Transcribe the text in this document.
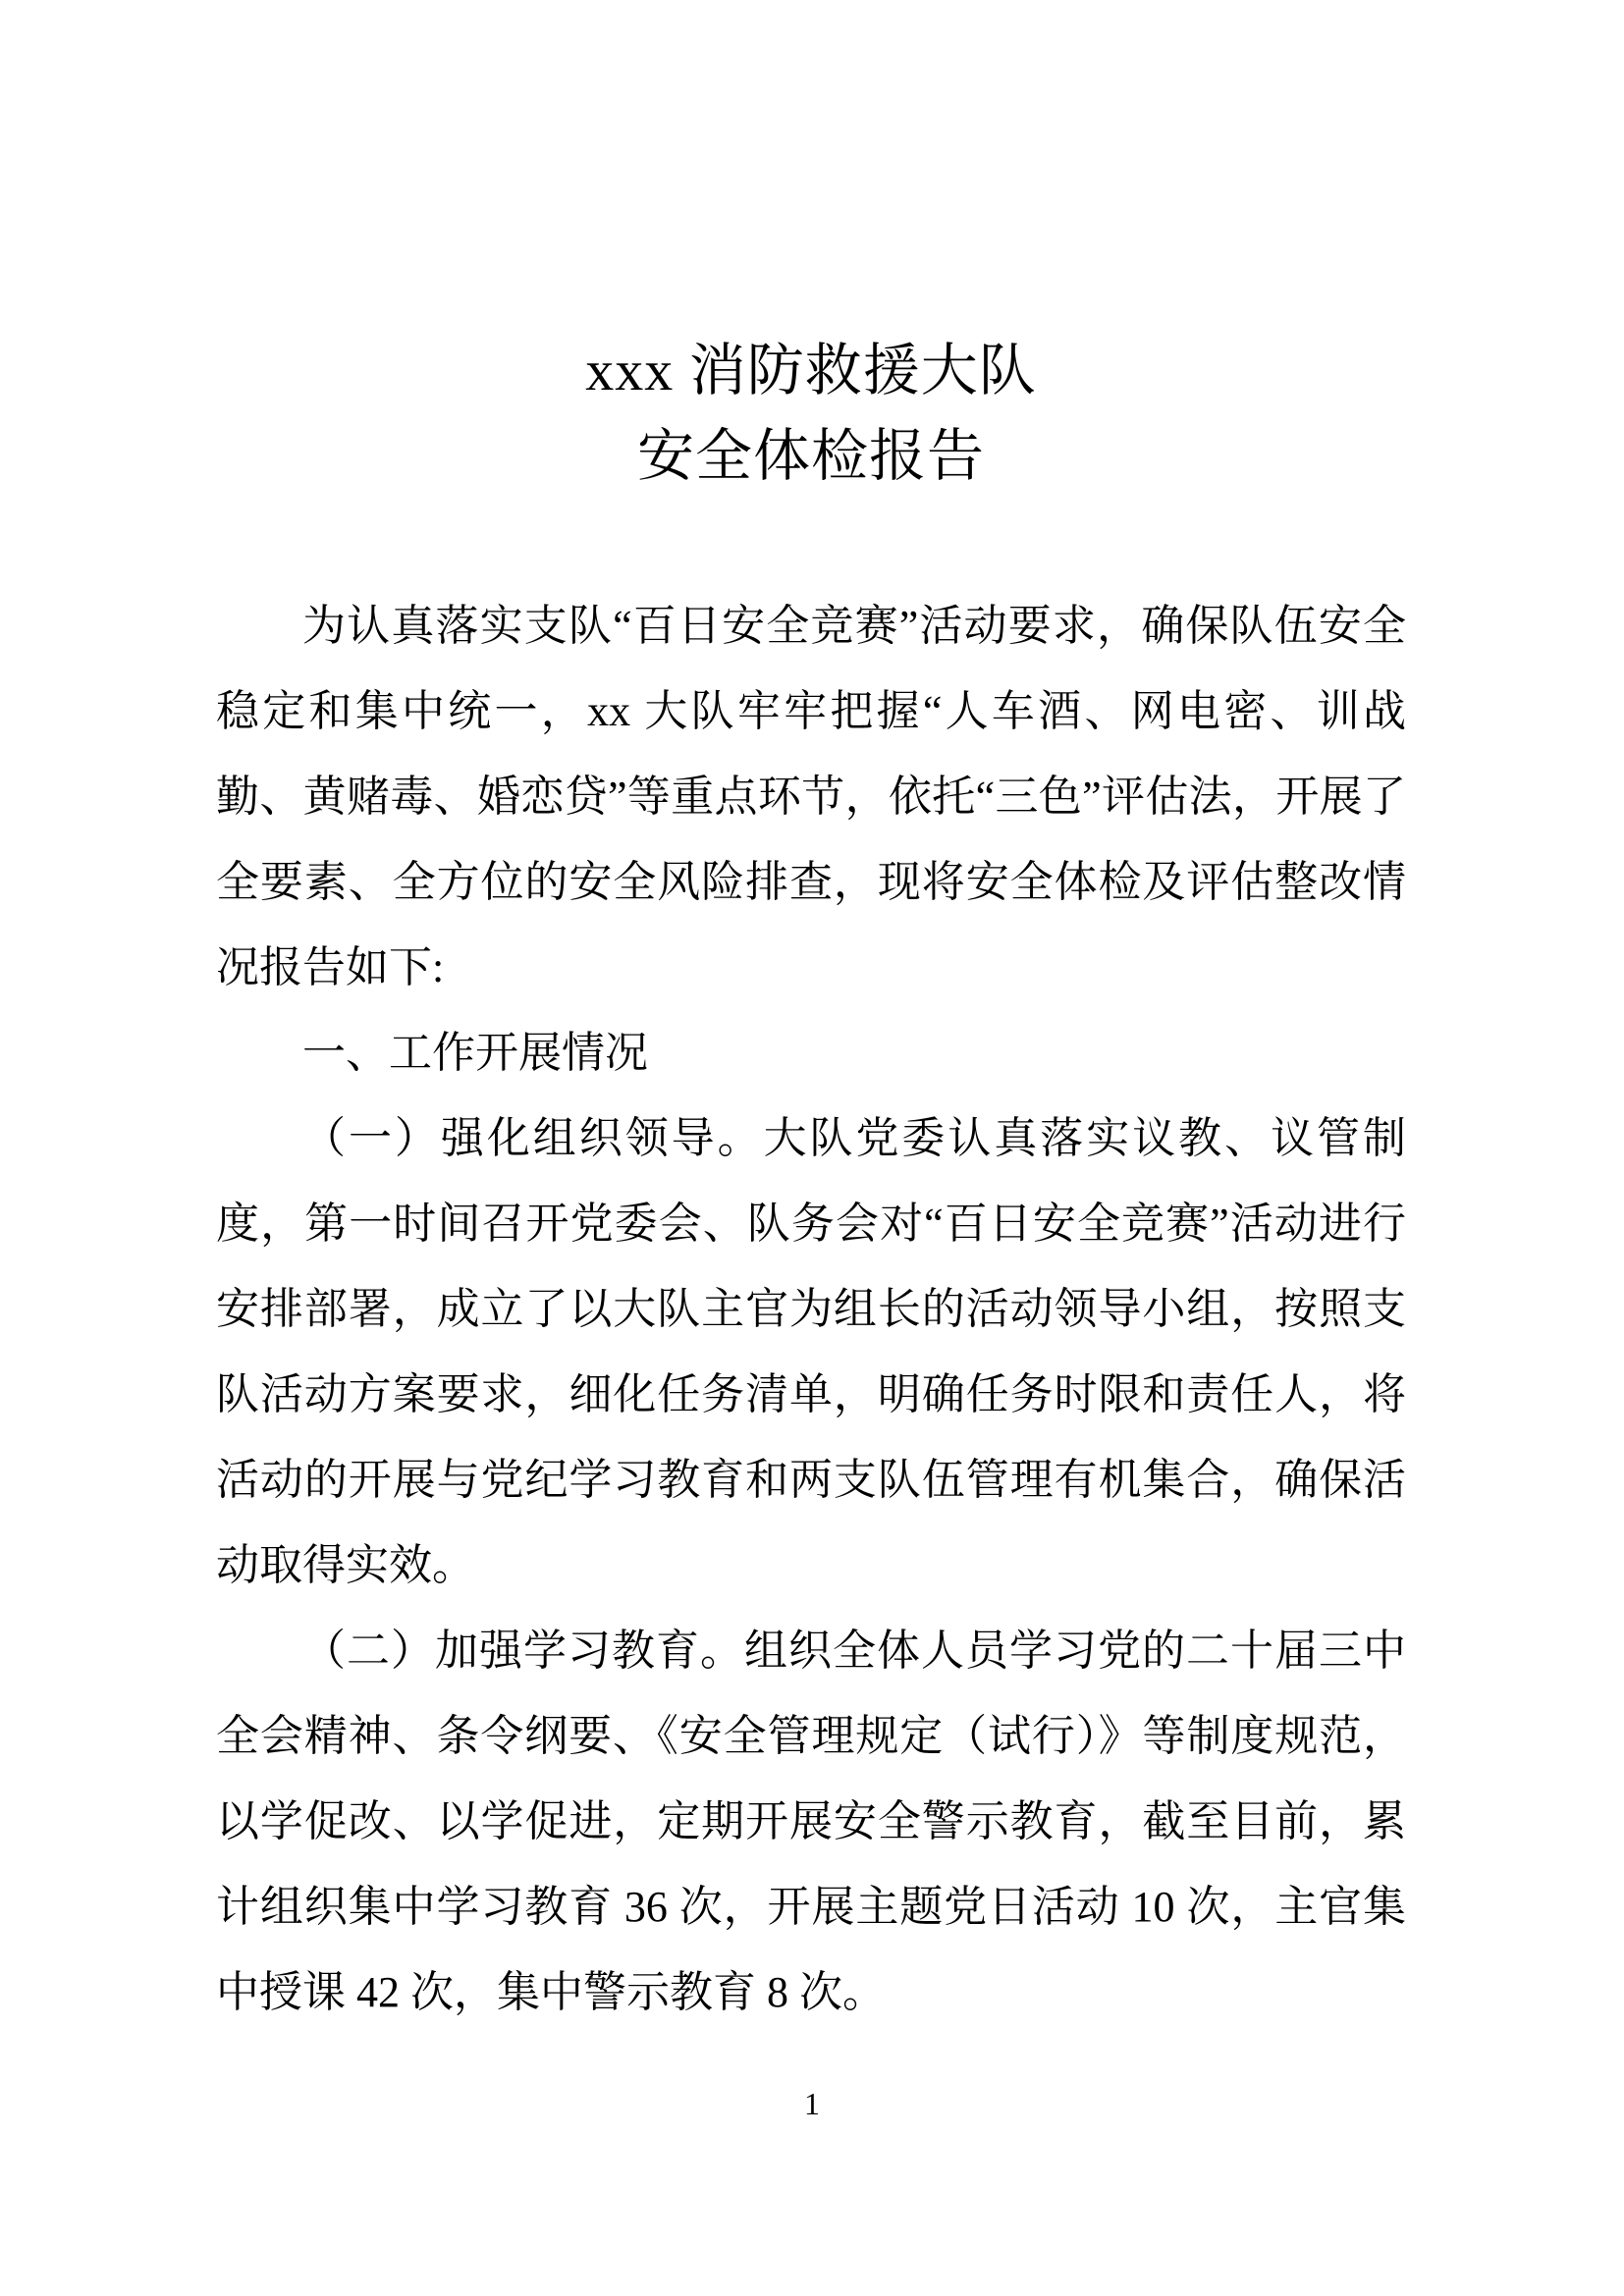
xxx 消防救援大队
安全体检报告

为认真落实支队“百日安全竞赛”活动要求，确保队伍安全稳定和集中统一，xx 大队牢牢把握“人车酒、网电密、训战勤、黄赌毒、婚恋贷”等重点环节，依托“三色”评估法，开展了全要素、全方位的安全风险排查，现将安全体检及评估整改情况报告如下:

一、工作开展情况

（一）强化组织领导。大队党委认真落实议教、议管制度，第一时间召开党委会、队务会对“百日安全竞赛”活动进行安排部署，成立了以大队主官为组长的活动领导小组，按照支队活动方案要求，细化任务清单，明确任务时限和责任人，将活动的开展与党纪学习教育和两支队伍管理有机集合，确保活动取得实效。

（二）加强学习教育。组织全体人员学习党的二十届三中全会精神、条令纲要、《安全管理规定（试行）》等制度规范，以学促改、以学促进，定期开展安全警示教育，截至目前，累计组织集中学习教育 36 次，开展主题党日活动 10 次，主官集中授课 42 次，集中警示教育 8 次。

1
